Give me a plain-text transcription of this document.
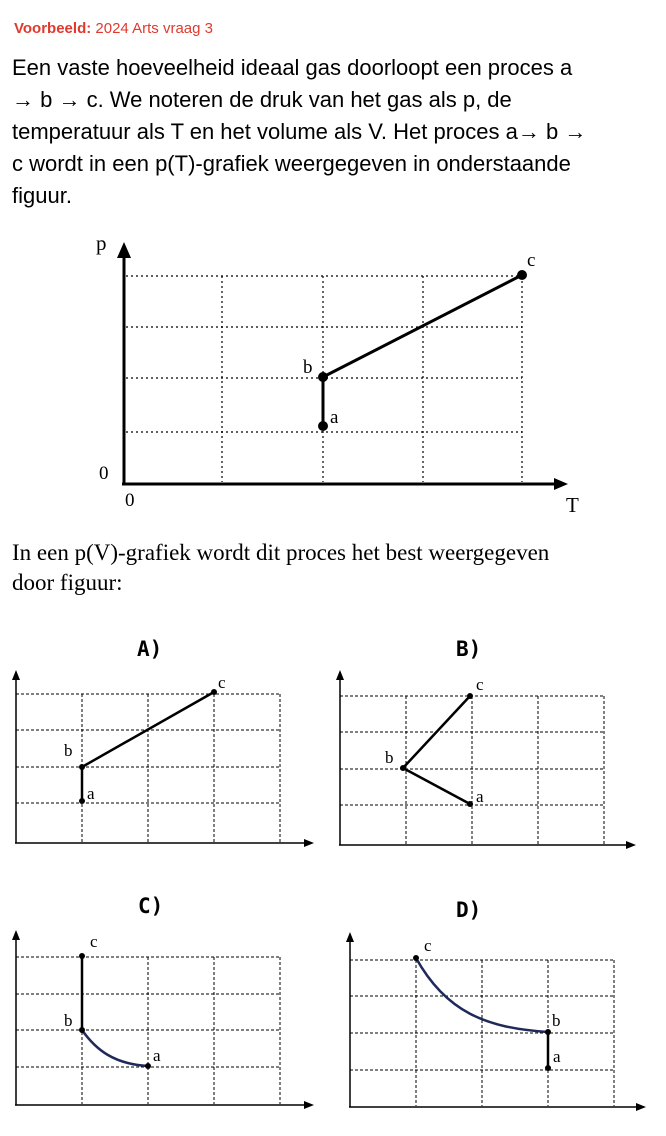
Voorbeeld: 2024 Arts vraag 3
Een vaste hoeveelheid ideaal gas doorloopt een proces a
→ b → c. We noteren de druk van het gas als p, de
temperatuur als T en het volume als V. Het proces a→ b →
c wordt in een p(T)-grafiek weergegeven in onderstaande
figuur.
p
T
0
0
a
b
c
In een p(V)-grafiek wordt dit proces het best weergegeven
door figuur:
A)
a
b
c
B)
a
b
c
C)
a
b
c
D)
a
b
c
